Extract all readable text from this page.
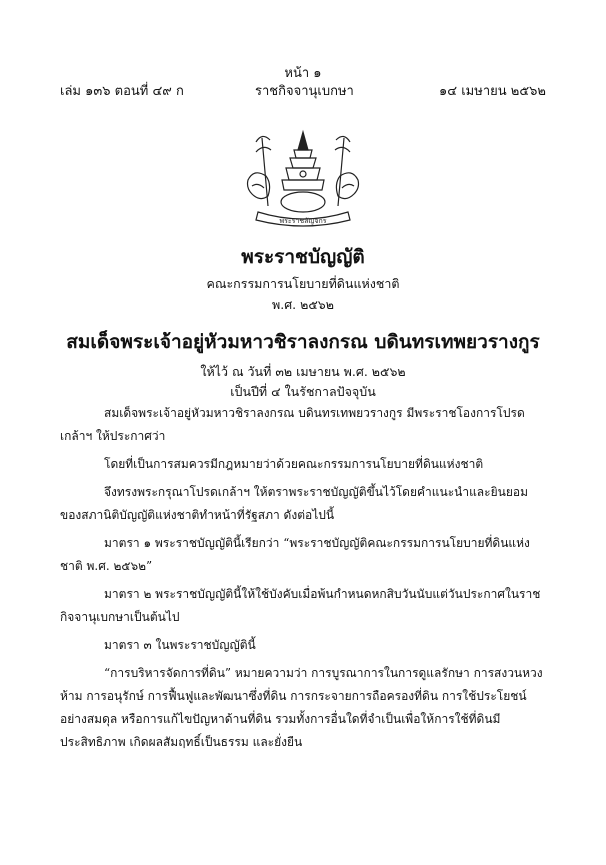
หน้า ๑
เล่ม ๑๓๖ ตอนที่ ๔๙ ก	ราชกิจจานุเบกษา	๑๔ เมษายน ๒๕๖๒
พระราชลัญจกร
พระราชบัญญัติ
คณะกรรมการนโยบายที่ดินแห่งชาติ
พ.ศ. ๒๕๖๒
สมเด็จพระเจ้าอยู่หัวมหาวชิราลงกรณ บดินทรเทพยวรางกูร
ให้ไว้ ณ วันที่ ๓๒ เมษายน พ.ศ. ๒๕๖๒
เป็นปีที่ ๔ ในรัชกาลปัจจุบัน

สมเด็จพระเจ้าอยู่หัวมหาวชิราลงกรณ บดินทรเทพยวรางกูร มีพระราชโองการโปรดเกล้าฯ ให้ประกาศว่า

โดยที่เป็นการสมควรมีกฎหมายว่าด้วยคณะกรรมการนโยบายที่ดินแห่งชาติ

จึงทรงพระกรุณาโปรดเกล้าฯ ให้ตราพระราชบัญญัติขึ้นไว้โดยคำแนะนำและยินยอมของสภานิติบัญญัติแห่งชาติทำหน้าที่รัฐสภา ดังต่อไปนี้

มาตรา ๑ พระราชบัญญัตินี้เรียกว่า “พระราชบัญญัติคณะกรรมการนโยบายที่ดินแห่งชาติ พ.ศ. ๒๕๖๒”

มาตรา ๒ พระราชบัญญัตินี้ให้ใช้บังคับเมื่อพ้นกำหนดหกสิบวันนับแต่วันประกาศในราชกิจจานุเบกษาเป็นต้นไป

มาตรา ๓ ในพระราชบัญญัตินี้

“การบริหารจัดการที่ดิน” หมายความว่า การบูรณาการในการดูแลรักษา การสงวนหวงห้าม การอนุรักษ์ การฟื้นฟูและพัฒนาซึ่งที่ดิน การกระจายการถือครองที่ดิน การใช้ประโยชน์อย่างสมดุล หรือการแก้ไขปัญหาด้านที่ดิน รวมทั้งการอื่นใดที่จำเป็นเพื่อให้การใช้ที่ดินมีประสิทธิภาพ เกิดผลสัมฤทธิ์เป็นธรรม และยั่งยืน
